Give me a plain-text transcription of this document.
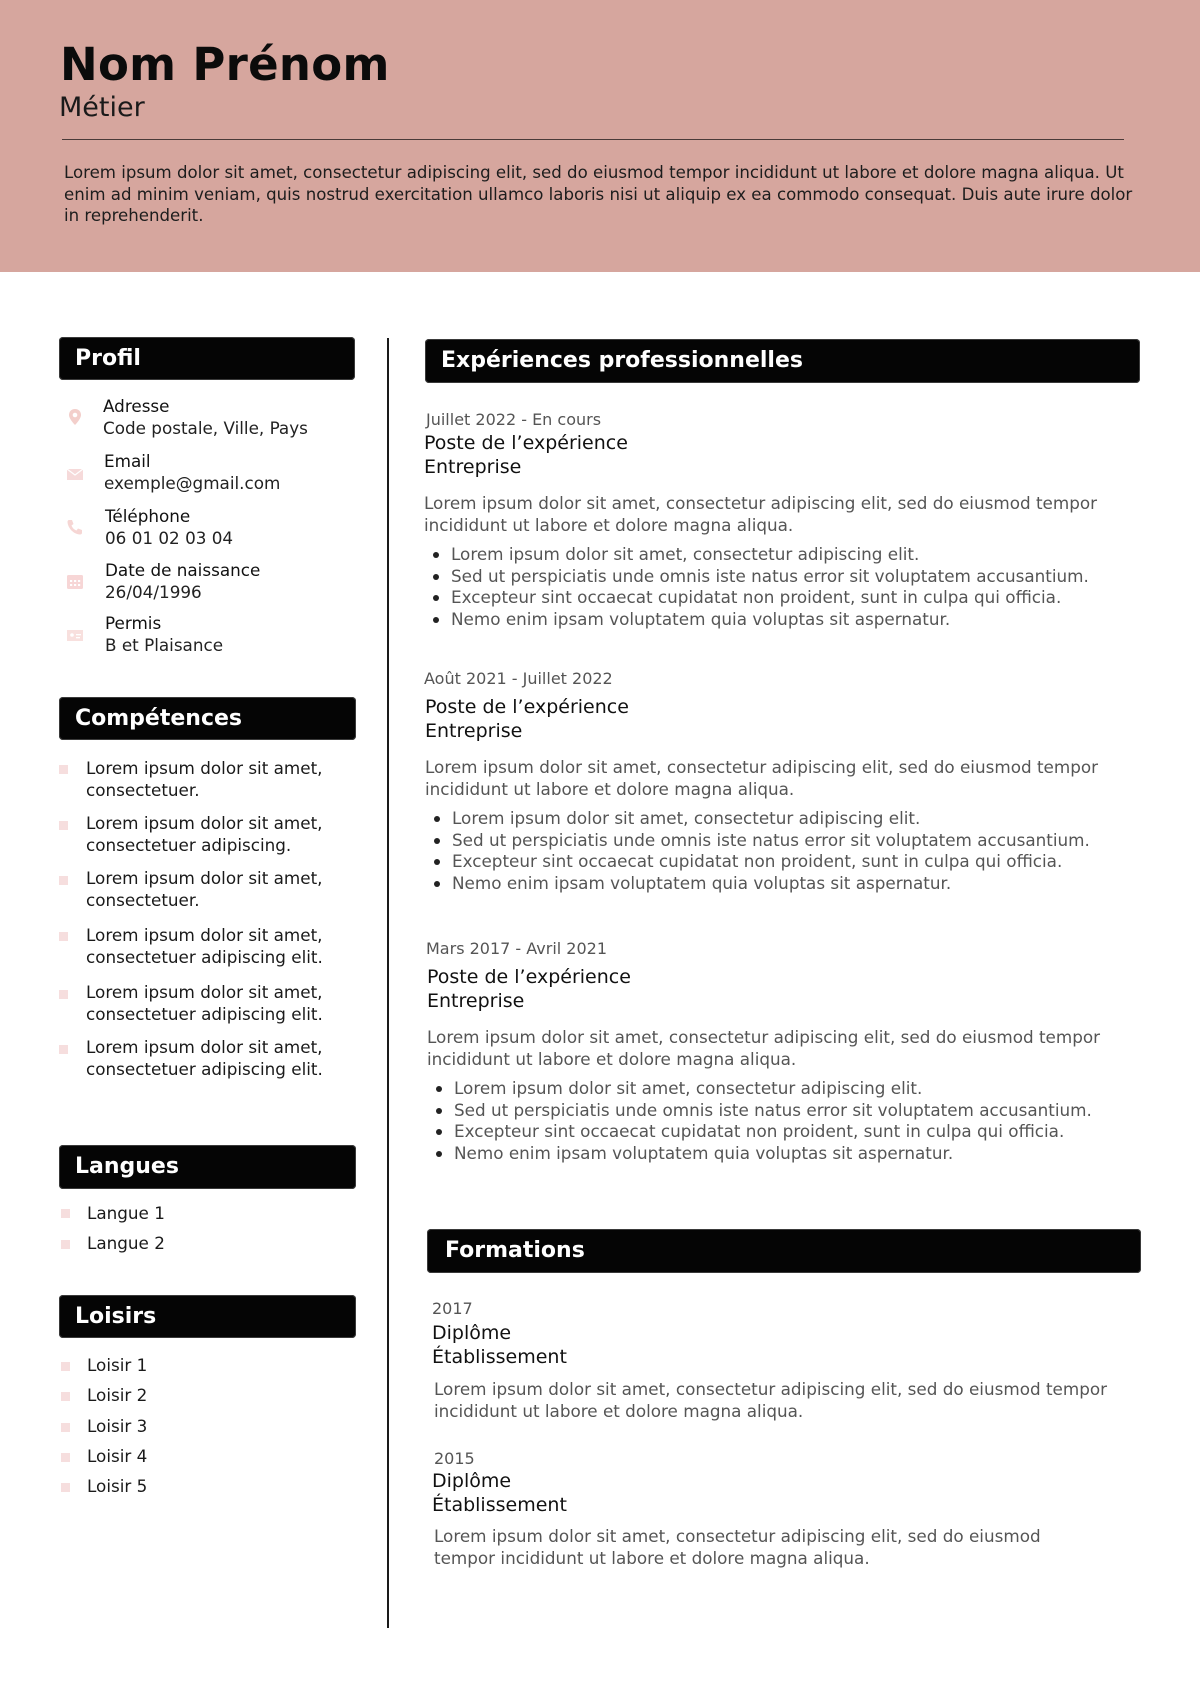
Nom Prénom
Métier
Lorem ipsum dolor sit amet, consectetur adipiscing elit, sed do eiusmod tempor incididunt ut labore et dolore magna aliqua. Ut enim ad minim veniam, quis nostrud exercitation ullamco laboris nisi ut aliquip ex ea commodo consequat. Duis aute irure dolor in reprehenderit.
Profil
Adresse
Code postale, Ville, Pays
Email
exemple@gmail.com
Téléphone
06 01 02 03 04
Date de naissance
26/04/1996
Permis
B et Plaisance
Compétences
Lorem ipsum dolor sit amet,
consectetuer.
Lorem ipsum dolor sit amet,
consectetuer adipiscing.
Lorem ipsum dolor sit amet,
consectetuer.
Lorem ipsum dolor sit amet,
consectetuer adipiscing elit.
Lorem ipsum dolor sit amet,
consectetuer adipiscing elit.
Lorem ipsum dolor sit amet,
consectetuer adipiscing elit.
Langues
Langue 1
Langue 2
Loisirs
Loisir 1
Loisir 2
Loisir 3
Loisir 4
Loisir 5
Expériences professionnelles
Juillet 2022 - En cours
Poste de l’expérience
Entreprise
Lorem ipsum dolor sit amet, consectetur adipiscing elit, sed do eiusmod tempor
incididunt ut labore et dolore magna aliqua.
Lorem ipsum dolor sit amet, consectetur adipiscing elit.
Sed ut perspiciatis unde omnis iste natus error sit voluptatem accusantium.
Excepteur sint occaecat cupidatat non proident, sunt in culpa qui officia.
Nemo enim ipsam voluptatem quia voluptas sit aspernatur.
Août 2021 - Juillet 2022
Poste de l’expérience
Entreprise
Lorem ipsum dolor sit amet, consectetur adipiscing elit, sed do eiusmod tempor
incididunt ut labore et dolore magna aliqua.
Lorem ipsum dolor sit amet, consectetur adipiscing elit.
Sed ut perspiciatis unde omnis iste natus error sit voluptatem accusantium.
Excepteur sint occaecat cupidatat non proident, sunt in culpa qui officia.
Nemo enim ipsam voluptatem quia voluptas sit aspernatur.
Mars 2017 - Avril 2021
Poste de l’expérience
Entreprise
Lorem ipsum dolor sit amet, consectetur adipiscing elit, sed do eiusmod tempor
incididunt ut labore et dolore magna aliqua.
Lorem ipsum dolor sit amet, consectetur adipiscing elit.
Sed ut perspiciatis unde omnis iste natus error sit voluptatem accusantium.
Excepteur sint occaecat cupidatat non proident, sunt in culpa qui officia.
Nemo enim ipsam voluptatem quia voluptas sit aspernatur.
Formations
2017
Diplôme
Établissement
Lorem ipsum dolor sit amet, consectetur adipiscing elit, sed do eiusmod tempor
incididunt ut labore et dolore magna aliqua.
2015
Diplôme
Établissement
Lorem ipsum dolor sit amet, consectetur adipiscing elit, sed do eiusmod
tempor incididunt ut labore et dolore magna aliqua.
